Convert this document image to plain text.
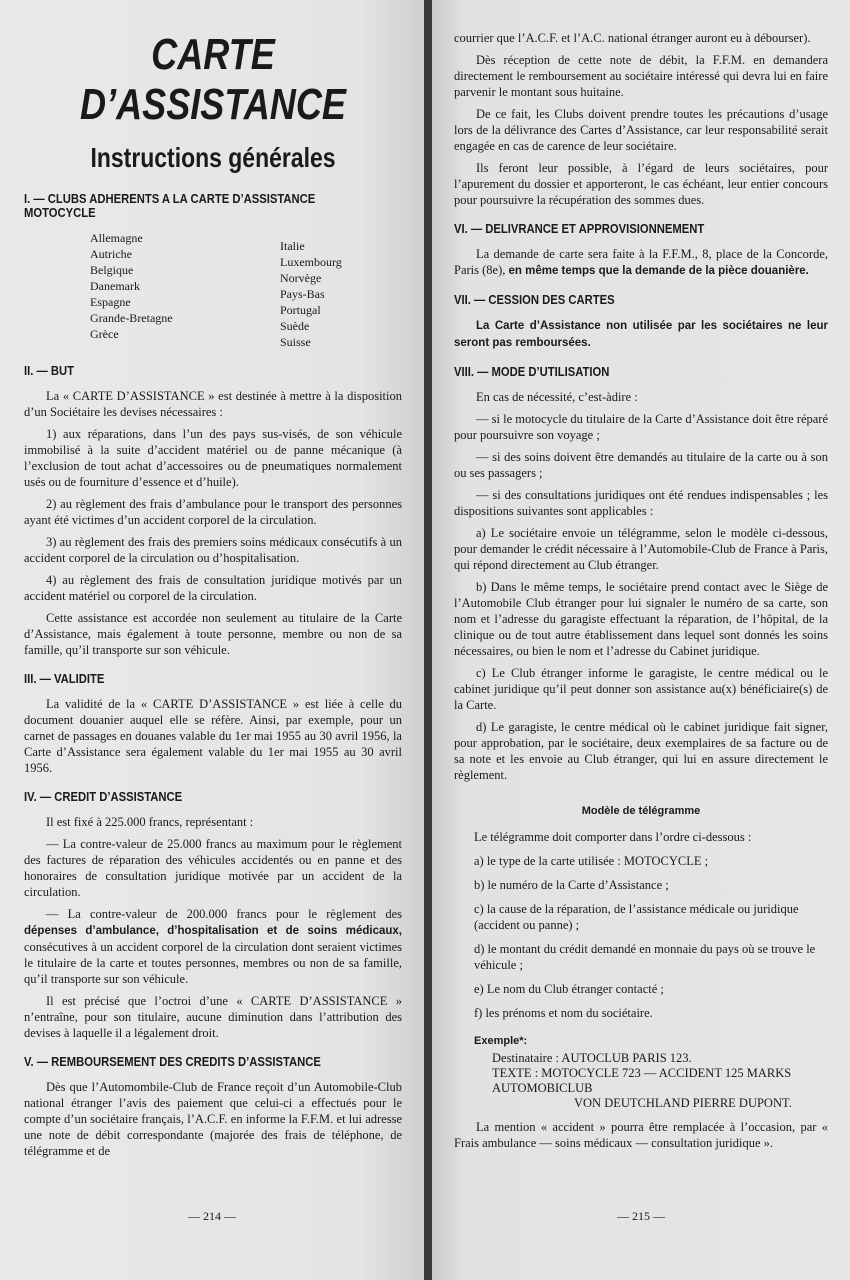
CARTE D’ASSISTANCE
Instructions générales
I. — CLUBS ADHERENTS A LA CARTE D’ASSISTANCE MOTOCYCLE
Allemagne
Autriche
Belgique
Danemark
Espagne
Grande-Bretagne
Grèce
Italie
Luxembourg
Norvège
Pays-Bas
Portugal
Suède
Suisse
II. — BUT

La « CARTE D’ASSISTANCE » est destinée à mettre à la disposition d’un Sociétaire les devises nécessaires :

1) aux réparations, dans l’un des pays sus-visés, de son véhicule immobilisé à la suite d’accident matériel ou de panne mécanique (à l’exclusion de tout achat d’accessoires ou de pneumatiques normalement usés ou de fourniture d’essence et d’huile).

2) au règlement des frais d’ambulance pour le transport des personnes ayant été victimes d’un accident corporel de la circulation.

3) au règlement des frais des premiers soins médicaux consécutifs à un accident corporel de la circulation ou d’hospitalisation.

4) au règlement des frais de consultation juridique motivés par un accident matériel ou corporel de la circulation.

Cette assistance est accordée non seulement au titulaire de la Carte d’Assistance, mais également à toute personne, membre ou non de sa famille, qu’il transporte sur son véhicule.

III. — VALIDITE

La validité de la « CARTE D’ASSISTANCE » est liée à celle du document douanier auquel elle se réfère. Ainsi, par exemple, pour un carnet de passages en douanes valable du 1er mai 1955 au 30 avril 1956, la Carte d’Assistance sera également valable du 1er mai 1955 au 30 avril 1956.

IV. — CREDIT D’ASSISTANCE

Il est fixé à 225.000 francs, représentant :

— La contre-valeur de 25.000 francs au maximum pour le règlement des factures de réparation des véhicules accidentés ou en panne et des honoraires de consultation juridique motivée par un accident de la circulation.

— La contre-valeur de 200.000 francs pour le règlement des dépenses d’ambulance, d’hospitalisation et de soins médicaux, consécutives à un accident corporel de la circulation dont seraient victimes le titulaire de la carte et toutes personnes, membres ou non de sa famille, qu’il transporte sur son véhicule.

Il est précisé que l’octroi d’une « CARTE D’ASSISTANCE » n’entraîne, pour son titulaire, aucune diminution dans l’attribution des devises à laquelle il a légalement droit.

V. — REMBOURSEMENT DES CREDITS D’ASSISTANCE

Dès que l’Automombile-Club de France reçoit d’un Automobile-Club national étranger l’avis des paiement que celui-ci a effectués pour le compte d’un sociétaire français, l’A.C.F. en informe la F.F.M. et lui adresse une note de débit correspondante (majorée des frais de téléphone, de télégramme et de

— 214 —

courrier que l’A.C.F. et l’A.C. national étranger auront eu à débourser).

Dès réception de cette note de débit, la F.F.M. en demandera directement le remboursement au sociétaire intéressé qui devra lui en faire parvenir le montant sous huitaine.

De ce fait, les Clubs doivent prendre toutes les précautions d’usage lors de la délivrance des Cartes d’Assistance, car leur responsabilité serait engagée en cas de carence de leur sociétaire.

Ils feront leur possible, à l’égard de leurs sociétaires, pour l’apurement du dossier et apporteront, le cas échéant, leur entier concours pour poursuivre la récupération des sommes dues.

VI. — DELIVRANCE ET APPROVISIONNEMENT

La demande de carte sera faite à la F.F.M., 8, place de la Concorde, Paris (8e), en même temps que la demande de la pièce douanière.

VII. — CESSION DES CARTES

La Carte d’Assistance non utilisée par les sociétaires ne leur seront pas remboursées.

VIII. — MODE D’UTILISATION

En cas de nécessité, c’est-àdire :

— si le motocycle du titulaire de la Carte d’Assistance doit être réparé pour poursuivre son voyage ;

— si des soins doivent être demandés au titulaire de la carte ou à son ou ses passagers ;

— si des consultations juridiques ont été rendues indispensables ; les dispositions suivantes sont applicables :

a) Le sociétaire envoie un télégramme, selon le modèle ci-dessous, pour demander le crédit nécessaire à l’Automobile-Club de France à Paris, qui répond directement au Club étranger.

b) Dans le même temps, le sociétaire prend contact avec le Siège de l’Automobile Club étranger pour lui signaler le numéro de sa carte, son nom et l’adresse du garagiste effectuant la réparation, de l’hôpital, de la clinique ou de tout autre établissement dans lequel sont donnés les soins nécessaires, ou bien le nom et l’adresse du Cabinet juridique.

c) Le Club étranger informe le garagiste, le centre médical ou le cabinet juridique qu’il peut donner son assistance au(x) bénéficiaire(s) de la Carte.

d) Le garagiste, le centre médical où le cabinet juridique fait signer, pour approbation, par le sociétaire, deux exemplaires de sa facture ou de sa note et les envoie au Club étranger, qui lui en assure directement le règlement.

Modèle de télégramme
Le télégramme doit comporter dans l’ordre ci-dessous :
a) le type de la carte utilisée : MOTOCYCLE ;
b) le numéro de la Carte d’Assistance ;
c) la cause de la réparation, de l’assistance médicale ou juridique (accident ou panne) ;
d) le montant du crédit demandé en monnaie du pays où se trouve le véhicule ;
e) Le nom du Club étranger contacté ;
f) les prénoms et nom du sociétaire.
Exemple*:
Destinataire : AUTOCLUB PARIS 123.
TEXTE : MOTOCYCLE 723 — ACCIDENT 125 MARKS AUTOMOBICLUB
VON DEUTCHLAND PIERRE DUPONT.

La mention « accident » pourra être remplacée à l’occasion, par « Frais ambulance — soins médicaux — consultation juridique ».

— 215 —
